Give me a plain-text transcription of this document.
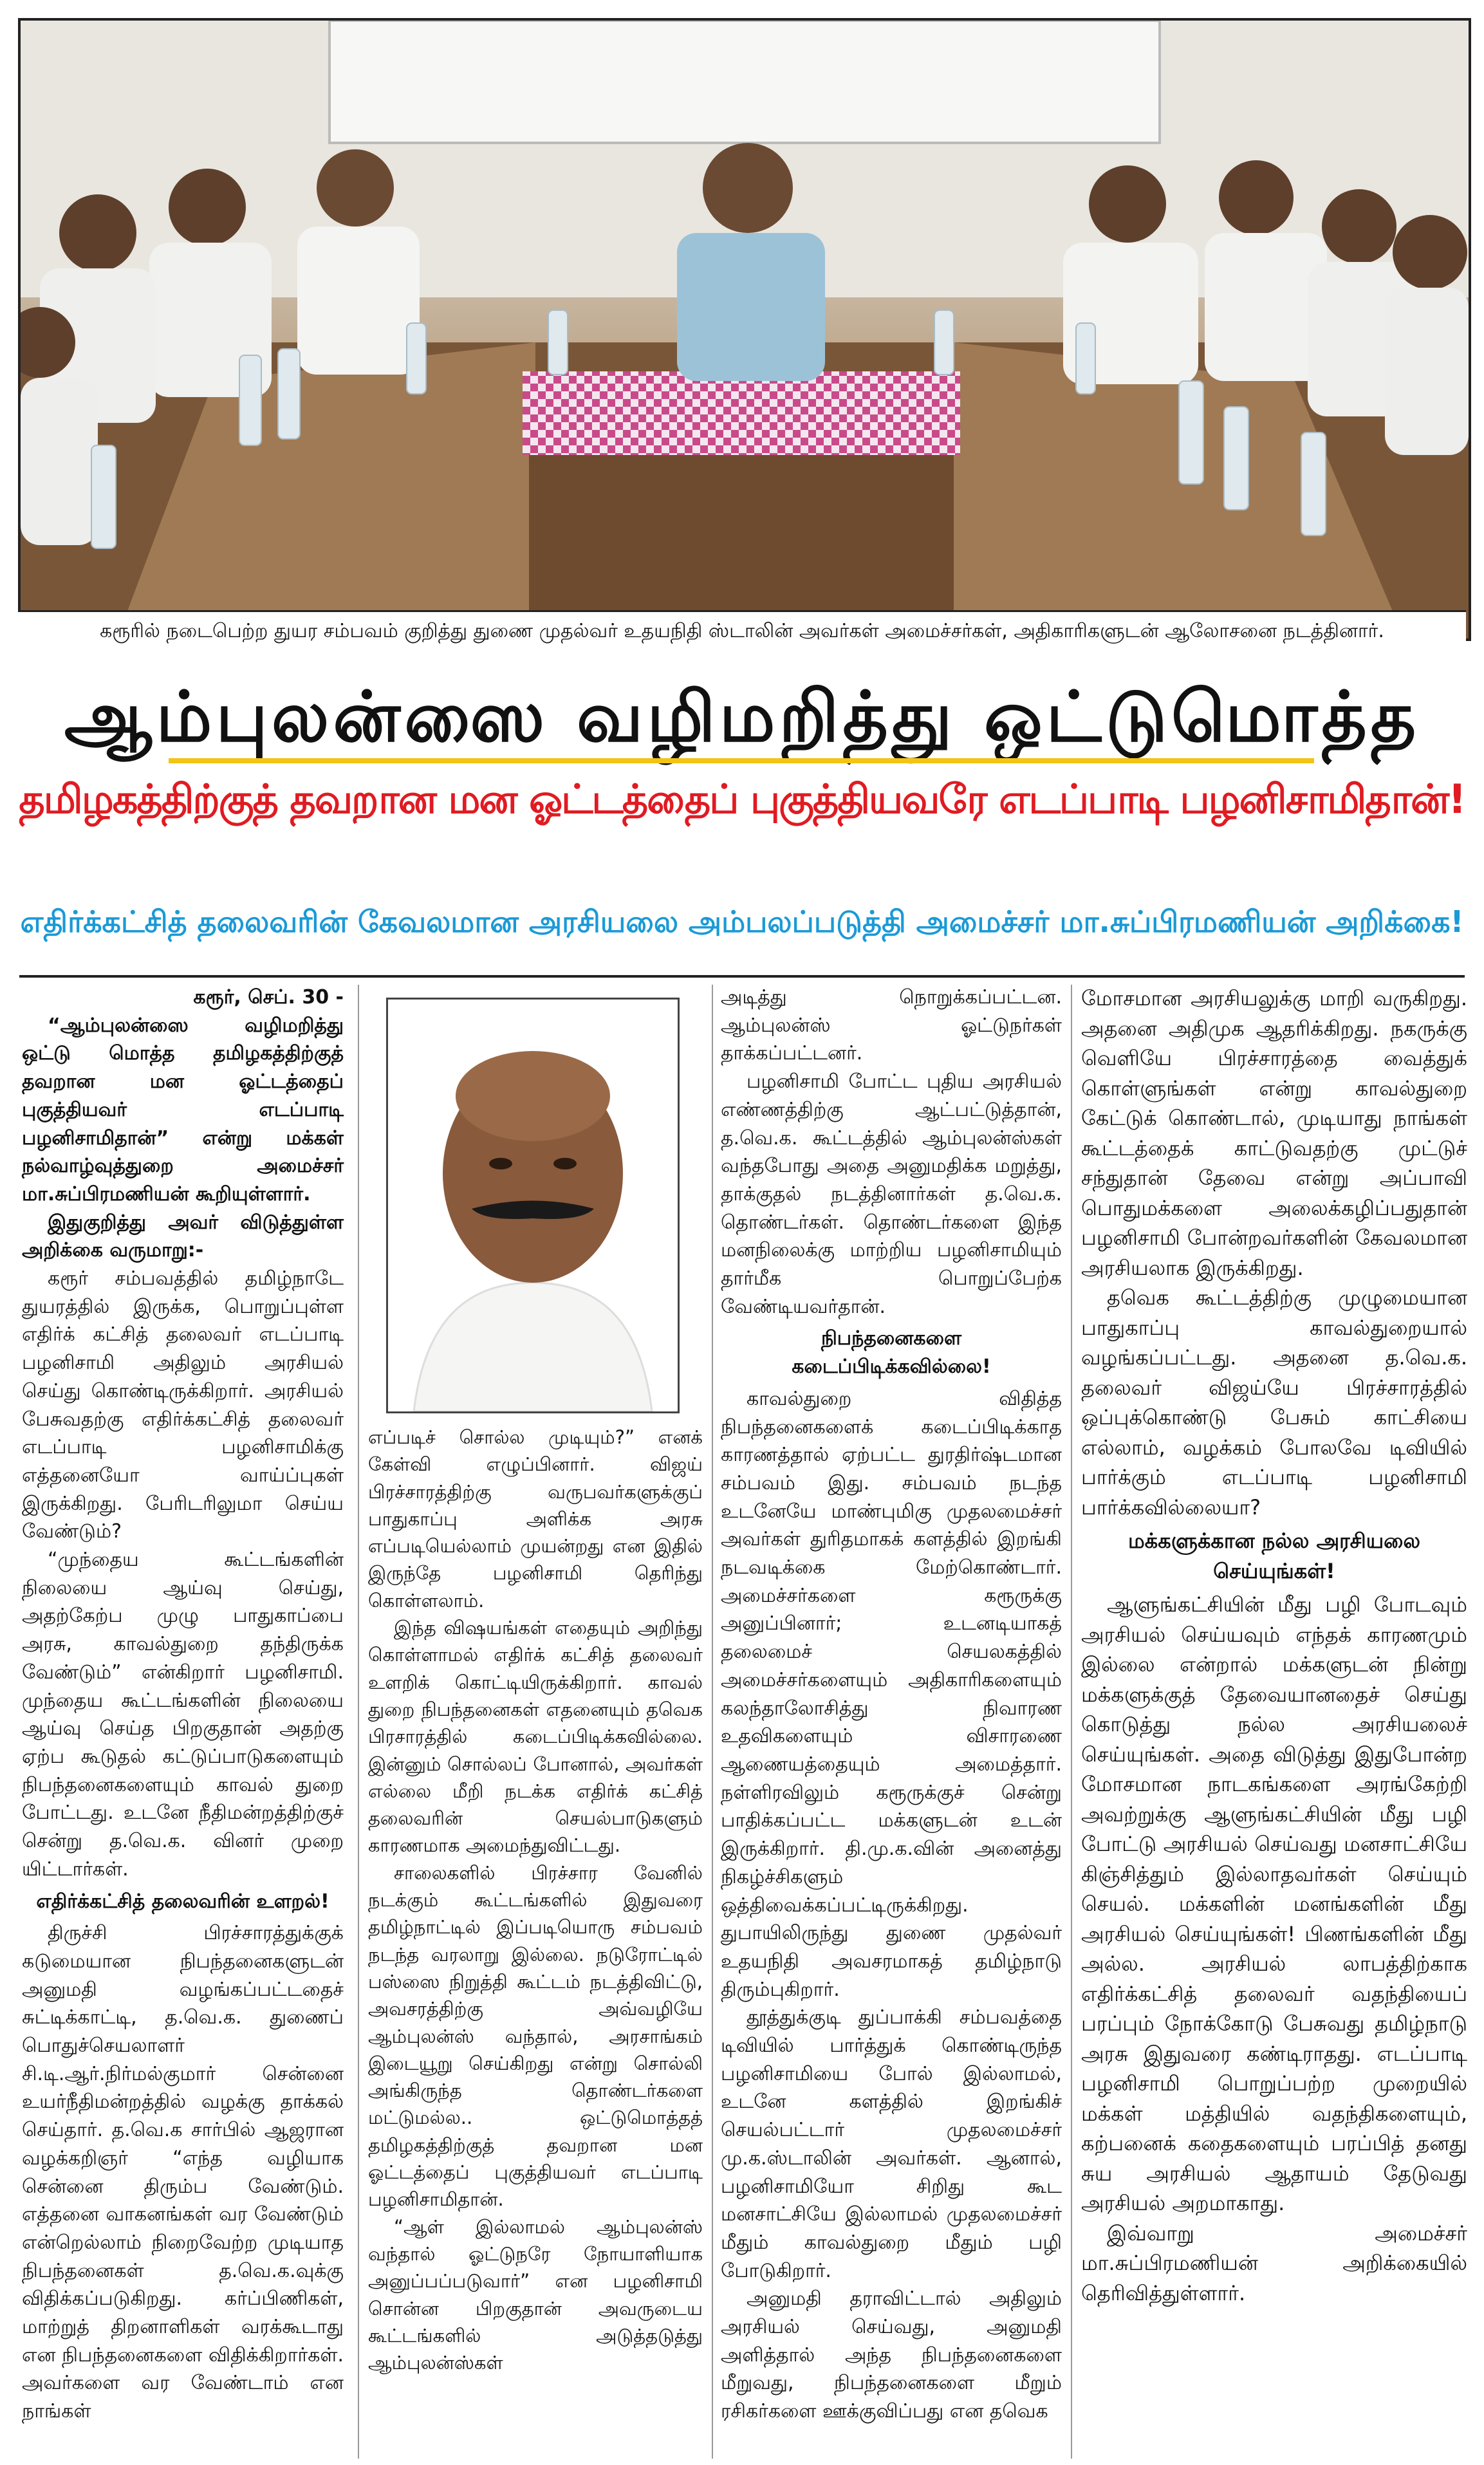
கரூரில் நடைபெற்ற துயர சம்பவம் குறித்து துணை முதல்வர் உதயநிதி ஸ்டாலின் அவர்கள் அமைச்சர்கள், அதிகாரிகளுடன் ஆலோசனை நடத்தினார்.
ஆம்புலன்ஸை வழிமறித்து ஒட்டுமொத்த
தமிழகத்திற்குத் தவறான மன ஓட்டத்தைப் புகுத்தியவரே எடப்பாடி பழனிசாமிதான்!
எதிர்க்கட்சித் தலைவரின் கேவலமான அரசியலை அம்பலப்படுத்தி அமைச்சர் மா.சுப்பிரமணியன் அறிக்கை!

கரூர், செப். 30 -

“ஆம்புலன்ஸை வழிமறித்து ஒட்டு மொத்த தமிழகத்திற்குத் தவறான மன ஓட்டத்தைப் புகுத்தியவர் எடப்பாடி பழனிசாமிதான்” என்று மக்கள் நல்வாழ்வுத்துறை அமைச்சர் மா.சுப்பிரமணியன் கூறியுள்ளார்.

இதுகுறித்து அவர் விடுத்துள்ள அறிக்கை வருமாறு:-

கரூர் சம்பவத்தில் தமிழ்நாடே துயரத்தில் இருக்க, பொறுப்புள்ள எதிர்க் கட்சித் தலைவர் எடப்பாடி பழனிசாமி அதிலும் அரசியல் செய்து கொண்டிருக்கிறார். அரசியல் பேசுவதற்கு எதிர்க்கட்சித் தலைவர் எடப்பாடி பழனிசாமிக்கு எத்தனையோ வாய்ப்புகள் இருக்கிறது. பேரிடரிலுமா செய்ய வேண்டும்?

“முந்தைய கூட்டங்களின் நிலையை ஆய்வு செய்து, அதற்கேற்ப முழு பாதுகாப்பை அரசு, காவல்துறை தந்திருக்க வேண்டும்” என்கிறார் பழனிசாமி. முந்தைய கூட்டங்களின் நிலையை ஆய்வு செய்த பிறகுதான் அதற்கு ஏற்ப கூடுதல் கட்டுப்பாடுகளையும் நிபந்தனைகளையும் காவல் துறை போட்டது. உடனே நீதிமன்றத்திற்குச் சென்று த.வெ.க. வினர் முறை யிட்டார்கள்.

எதிர்க்கட்சித் தலைவரின் உளறல்!

திருச்சி பிரச்சாரத்துக்குக் கடுமையான நிபந்தனைகளுடன் அனுமதி வழங்கப்பட்டதைச் சுட்டிக்காட்டி, த.வெ.க. துணைப் பொதுச்செயலாளர் சி.டி.ஆர்.நிர்மல்குமார் சென்னை உயர்நீதிமன்றத்தில் வழக்கு தாக்கல் செய்தார். த.வெ.க சார்பில் ஆஜரான வழக்கறிஞர் “எந்த வழியாக சென்னை திரும்ப வேண்டும். எத்தனை வாகனங்கள் வர வேண்டும் என்றெல்லாம் நிறைவேற்ற முடியாத நிபந்தனைகள் த.வெ.க.வுக்கு விதிக்கப்படுகிறது. கர்ப்பிணிகள், மாற்றுத் திறனாளிகள் வரக்கூடாது என நிபந்தனைகளை விதிக்கிறார்கள். அவர்களை வர வேண்டாம் என நாங்கள்

எப்படிச் சொல்ல முடியும்?” எனக் கேள்வி எழுப்பினார். விஜய் பிரச்சாரத்திற்கு வருபவர்களுக்குப் பாதுகாப்பு அளிக்க அரசு எப்படியெல்லாம் முயன்றது என இதில் இருந்தே பழனிசாமி தெரிந்து கொள்ளலாம்.

இந்த விஷயங்கள் எதையும் அறிந்து கொள்ளாமல் எதிர்க் கட்சித் தலைவர் உளறிக் கொட்டியிருக்கிறார். காவல் துறை நிபந்தனைகள் எதனையும் தவெக பிரசாரத்தில் கடைப்பிடிக்கவில்லை. இன்னும் சொல்லப் போனால், அவர்கள் எல்லை மீறி நடக்க எதிர்க் கட்சித் தலைவரின் செயல்பாடுகளும் காரணமாக அமைந்துவிட்டது.

சாலைகளில் பிரச்சார வேனில் நடக்கும் கூட்டங்களில் இதுவரை தமிழ்நாட்டில் இப்படியொரு சம்பவம் நடந்த வரலாறு இல்லை. நடுரோட்டில் பஸ்ஸை நிறுத்தி கூட்டம் நடத்திவிட்டு, அவசரத்திற்கு அவ்வழியே ஆம்புலன்ஸ் வந்தால், அரசாங்கம் இடையூறு செய்கிறது என்று சொல்லி அங்கிருந்த தொண்டர்களை மட்டுமல்ல.. ஒட்டுமொத்தத் தமிழகத்திற்குத் தவறான மன ஓட்டத்தைப் புகுத்தியவர் எடப்பாடி பழனிசாமிதான்.

“ஆள் இல்லாமல் ஆம்புலன்ஸ் வந்தால் ஓட்டுநரே நோயாளியாக அனுப்பப்படுவார்” என பழனிசாமி சொன்ன பிறகுதான் அவருடைய கூட்டங்களில் அடுத்தடுத்து ஆம்புலன்ஸ்கள்

அடித்து நொறுக்கப்பட்டன. ஆம்புலன்ஸ் ஓட்டுநர்கள் தாக்கப்பட்டனர்.

பழனிசாமி போட்ட புதிய அரசியல் எண்ணத்திற்கு ஆட்பட்டுத்தான், த.வெ.க. கூட்டத்தில் ஆம்புலன்ஸ்கள் வந்தபோது அதை அனுமதிக்க மறுத்து, தாக்குதல் நடத்தினார்கள் த.வெ.க. தொண்டர்கள். தொண்டர்களை இந்த மனநிலைக்கு மாற்றிய பழனிசாமியும் தார்மீக பொறுப்பேற்க வேண்டியவர்தான்.

நிபந்தனைகளை கடைப்பிடிக்கவில்லை!

காவல்துறை விதித்த நிபந்தனைகளைக் கடைப்பிடிக்காத காரணத்தால் ஏற்பட்ட துரதிர்ஷ்டமான சம்பவம் இது. சம்பவம் நடந்த உடனேயே மாண்புமிகு முதலமைச்சர் அவர்கள் துரிதமாகக் களத்தில் இறங்கி நடவடிக்கை மேற்கொண்டார். அமைச்சர்களை கரூருக்கு அனுப்பினார்; உடனடியாகத் தலைமைச் செயலகத்தில் அமைச்சர்களையும் அதிகாரிகளையும் கலந்தாலோசித்து நிவாரண உதவிகளையும் விசாரணை ஆணையத்தையும் அமைத்தார். நள்ளிரவிலும் கரூருக்குச் சென்று பாதிக்கப்பட்ட மக்களுடன் உடன் இருக்கிறார். தி.மு.க.வின் அனைத்து நிகழ்ச்சிகளும் ஒத்திவைக்கப்பட்டிருக்கிறது. துபாயிலிருந்து துணை முதல்வர் உதயநிதி அவசரமாகத் தமிழ்நாடு திரும்புகிறார்.

தூத்துக்குடி துப்பாக்கி சம்பவத்தை டிவியில் பார்த்துக் கொண்டிருந்த பழனிசாமியை போல் இல்லாமல், உடனே களத்தில் இறங்கிச் செயல்பட்டார் முதலமைச்சர் மு.க.ஸ்டாலின் அவர்கள். ஆனால், பழனிசாமியோ சிறிது கூட மனசாட்சியே இல்லாமல் முதலமைச்சர் மீதும் காவல்துறை மீதும் பழி போடுகிறார்.

அனுமதி தராவிட்டால் அதிலும் அரசியல் செய்வது, அனுமதி அளித்தால் அந்த நிபந்தனைகளை மீறுவது, நிபந்தனைகளை மீறும் ரசிகர்களை ஊக்குவிப்பது என தவெக

மோசமான அரசியலுக்கு மாறி வருகிறது. அதனை அதிமுக ஆதரிக்கிறது. நகருக்கு வெளியே பிரச்சாரத்தை வைத்துக் கொள்ளுங்கள் என்று காவல்துறை கேட்டுக் கொண்டால், முடியாது நாங்கள் கூட்டத்தைக் காட்டுவதற்கு முட்டுச் சந்துதான் தேவை என்று அப்பாவி பொதுமக்களை அலைக்கழிப்பதுதான் பழனிசாமி போன்றவர்களின் கேவலமான அரசியலாக இருக்கிறது.

தவெக கூட்டத்திற்கு முழுமையான பாதுகாப்பு காவல்துறையால் வழங்கப்பட்டது. அதனை த.வெ.க. தலைவர் விஜய்யே பிரச்சாரத்தில் ஒப்புக்கொண்டு பேசும் காட்சியை எல்லாம், வழக்கம் போலவே டிவியில் பார்க்கும் எடப்பாடி பழனிசாமி பார்க்கவில்லையா?

மக்களுக்கான நல்ல அரசியலை செய்யுங்கள்!

ஆளுங்கட்சியின் மீது பழி போடவும் அரசியல் செய்யவும் எந்தக் காரணமும் இல்லை என்றால் மக்களுடன் நின்று மக்களுக்குத் தேவையானதைச் செய்து கொடுத்து நல்ல அரசியலைச் செய்யுங்கள். அதை விடுத்து இதுபோன்ற மோசமான நாடகங்களை அரங்கேற்றி அவற்றுக்கு ஆளுங்கட்சியின் மீது பழி போட்டு அரசியல் செய்வது மனசாட்சியே கிஞ்சித்தும் இல்லாதவர்கள் செய்யும் செயல். மக்களின் மனங்களின் மீது அரசியல் செய்யுங்கள்! பிணங்களின் மீது அல்ல. அரசியல் லாபத்திற்காக எதிர்க்கட்சித் தலைவர் வதந்தியைப் பரப்பும் நோக்கோடு பேசுவது தமிழ்நாடு அரசு இதுவரை கண்டிராதது. எடப்பாடி பழனிசாமி பொறுப்பற்ற முறையில் மக்கள் மத்தியில் வதந்திகளையும், கற்பனைக் கதைகளையும் பரப்பித் தனது சுய அரசியல் ஆதாயம் தேடுவது அரசியல் அறமாகாது.

இவ்வாறு அமைச்சர் மா.சுப்பிரமணியன் அறிக்கையில் தெரிவித்துள்ளார்.
